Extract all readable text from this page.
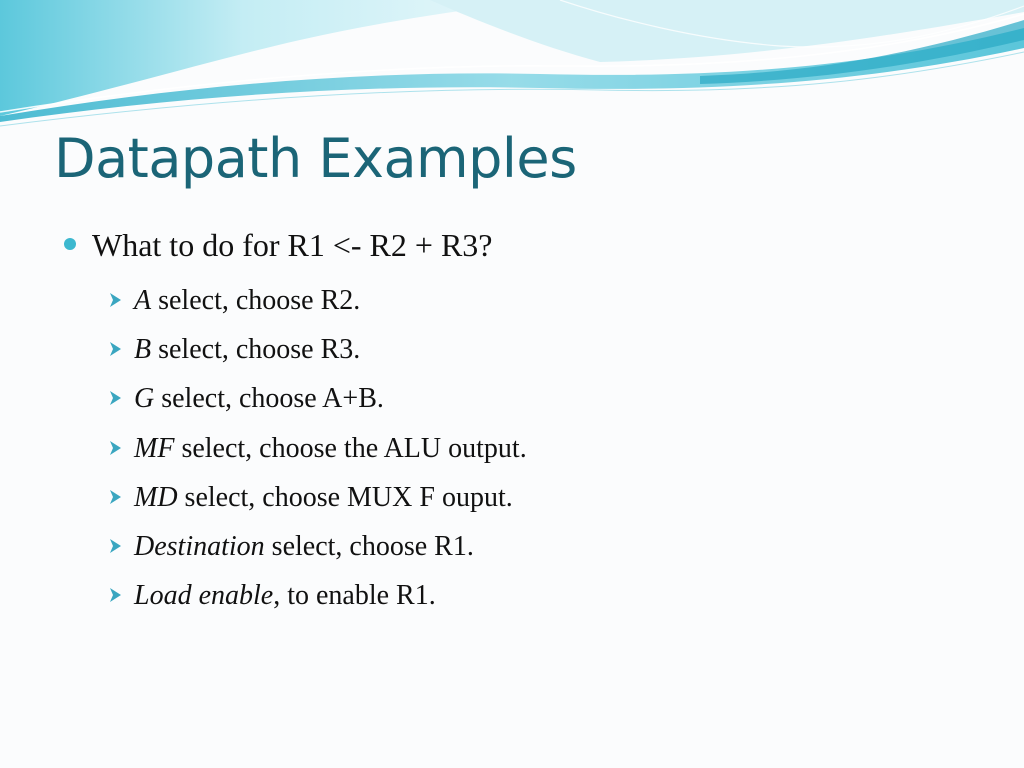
Datapath Examples
What to do for R1 <- R2 + R3?
A select, choose R2.
B select, choose R3.
G select, choose A+B.
MF select, choose the ALU output.
MD select, choose MUX F ouput.
Destination select, choose R1.
Load enable, to enable R1.
